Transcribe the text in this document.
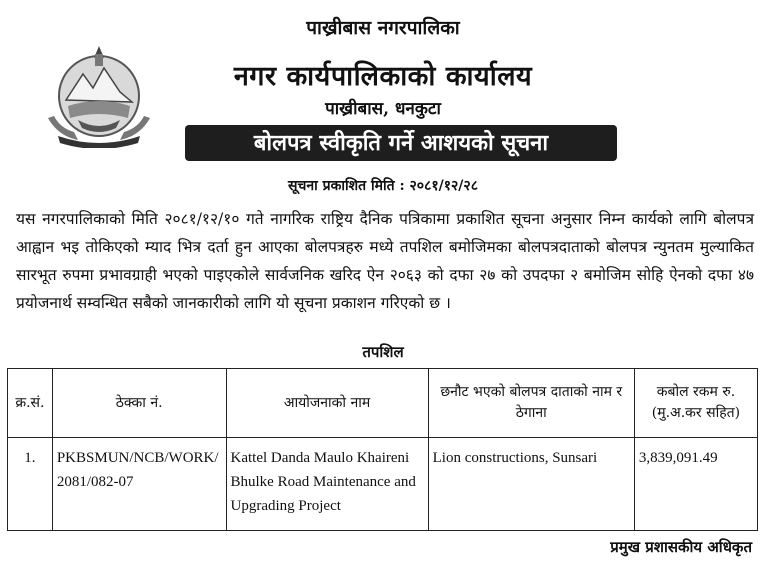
पाख्रीबास नगरपालिका
नगर कार्यपालिकाको कार्यालय
पाख्रीबास, धनकुटा
बोलपत्र स्वीकृति गर्ने आशयको सूचना
सूचना प्रकाशित मिति : २०८१/१२/२८
यस नगरपालिकाको मिति २०८१/१२/१० गते नागरिक राष्ट्रिय दैनिक पत्रिकामा प्रकाशित सूचना अनुसार निम्न कार्यको लागि बोलपत्र आह्वान भइ तोकिएको म्याद भित्र दर्ता हुन आएका बोलपत्रहरु मध्ये तपशिल बमोजिमका बोलपत्रदाताको बोलपत्र न्युनतम मुल्याकित सारभूत रुपमा प्रभावग्राही भएको पाइएकोले सार्वजनिक खरिद ऐन २०६३ को दफा २७ को उपदफा २ बमोजिम सोहि ऐनको दफा ४७ प्रयोजनार्थ सम्वन्धित सबैको जानकारीको लागि यो सूचना प्रकाशन गरिएको छ ।
तपशिल
क्र.सं.	ठेक्का नं.	आयोजनाको नाम	छनौट भएको बोलपत्र दाताको नाम र ठेगाना	कबोल रकम रु. (मु.अ.कर सहित)
1.	PKBSMUN/NCB/WORK/2081/082-07	Kattel Danda Maulo Khaireni Bhulke Road Maintenance and Upgrading Project	Lion constructions, Sunsari	3,839,091.49
प्रमुख प्रशासकीय अधिकृत
